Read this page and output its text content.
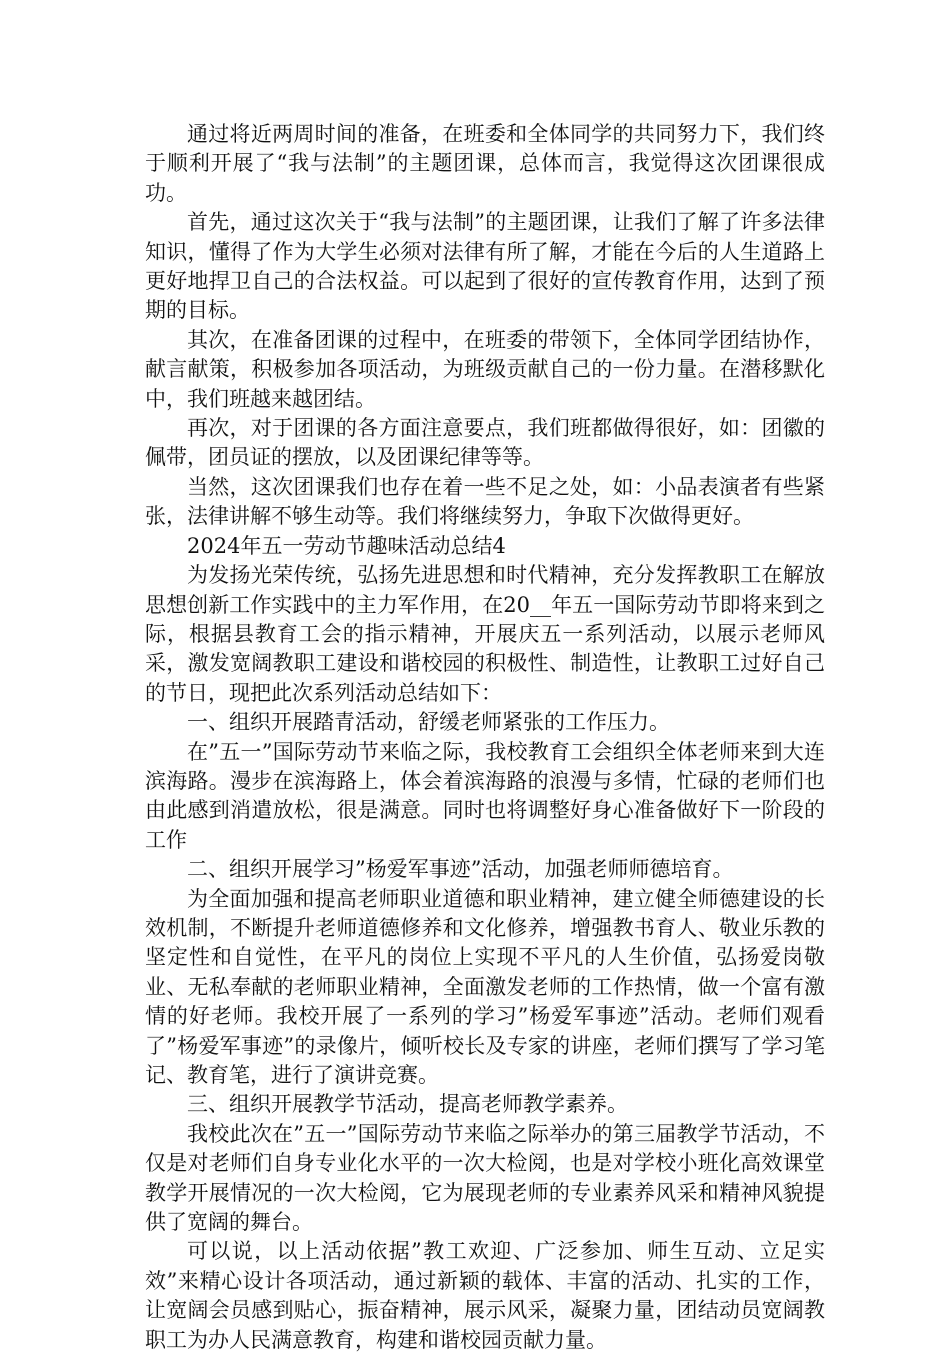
通过将近两周时间的准备，在班委和全体同学的共同努力下，我们终于顺利开展了“我与法制”的主题团课，总体而言，我觉得这次团课很成功。

首先，通过这次关于“我与法制”的主题团课，让我们了解了许多法律知识，懂得了作为大学生必须对法律有所了解，才能在今后的人生道路上更好地捍卫自己的合法权益。可以起到了很好的宣传教育作用，达到了预期的目标。

其次，在准备团课的过程中，在班委的带领下，全体同学团结协作，献言献策，积极参加各项活动，为班级贡献自己的一份力量。在潜移默化中，我们班越来越团结。

再次，对于团课的各方面注意要点，我们班都做得很好，如：团徽的佩带，团员证的摆放，以及团课纪律等等。

当然，这次团课我们也存在着一些不足之处，如：小品表演者有些紧张，法律讲解不够生动等。我们将继续努力，争取下次做得更好。

2024年五一劳动节趣味活动总结4

为发扬光荣传统，弘扬先进思想和时代精神，充分发挥教职工在解放思想创新工作实践中的主力军作用，在20__年五一国际劳动节即将来到之际，根据县教育工会的指示精神，开展庆五一系列活动，以展示老师风采，激发宽阔教职工建设和谐校园的积极性、制造性，让教职工过好自己的节日，现把此次系列活动总结如下：

一、组织开展踏青活动，舒缓老师紧张的工作压力。

在”五一”国际劳动节来临之际，我校教育工会组织全体老师来到大连滨海路。漫步在滨海路上，体会着滨海路的浪漫与多情，忙碌的老师们也由此感到消遣放松，很是满意。同时也将调整好身心准备做好下一阶段的工作

二、组织开展学习”杨爱军事迹”活动，加强老师师德培育。

为全面加强和提高老师职业道德和职业精神，建立健全师德建设的长效机制，不断提升老师道德修养和文化修养，增强教书育人、敬业乐教的坚定性和自觉性，在平凡的岗位上实现不平凡的人生价值，弘扬爱岗敬业、无私奉献的老师职业精神，全面激发老师的工作热情，做一个富有激情的好老师。我校开展了一系列的学习”杨爱军事迹”活动。老师们观看了”杨爱军事迹”的录像片，倾听校长及专家的讲座，老师们撰写了学习笔记、教育笔，进行了演讲竞赛。

三、组织开展教学节活动，提高老师教学素养。

我校此次在”五一”国际劳动节来临之际举办的第三届教学节活动，不仅是对老师们自身专业化水平的一次大检阅，也是对学校小班化高效课堂教学开展情况的一次大检阅，它为展现老师的专业素养风采和精神风貌提供了宽阔的舞台。

可以说，以上活动依据”教工欢迎、广泛参加、师生互动、立足实效”来精心设计各项活动，通过新颖的载体、丰富的活动、扎实的工作，让宽阔会员感到贴心，振奋精神，展示风采，凝聚力量，团结动员宽阔教职工为办人民满意教育，构建和谐校园贡献力量。
